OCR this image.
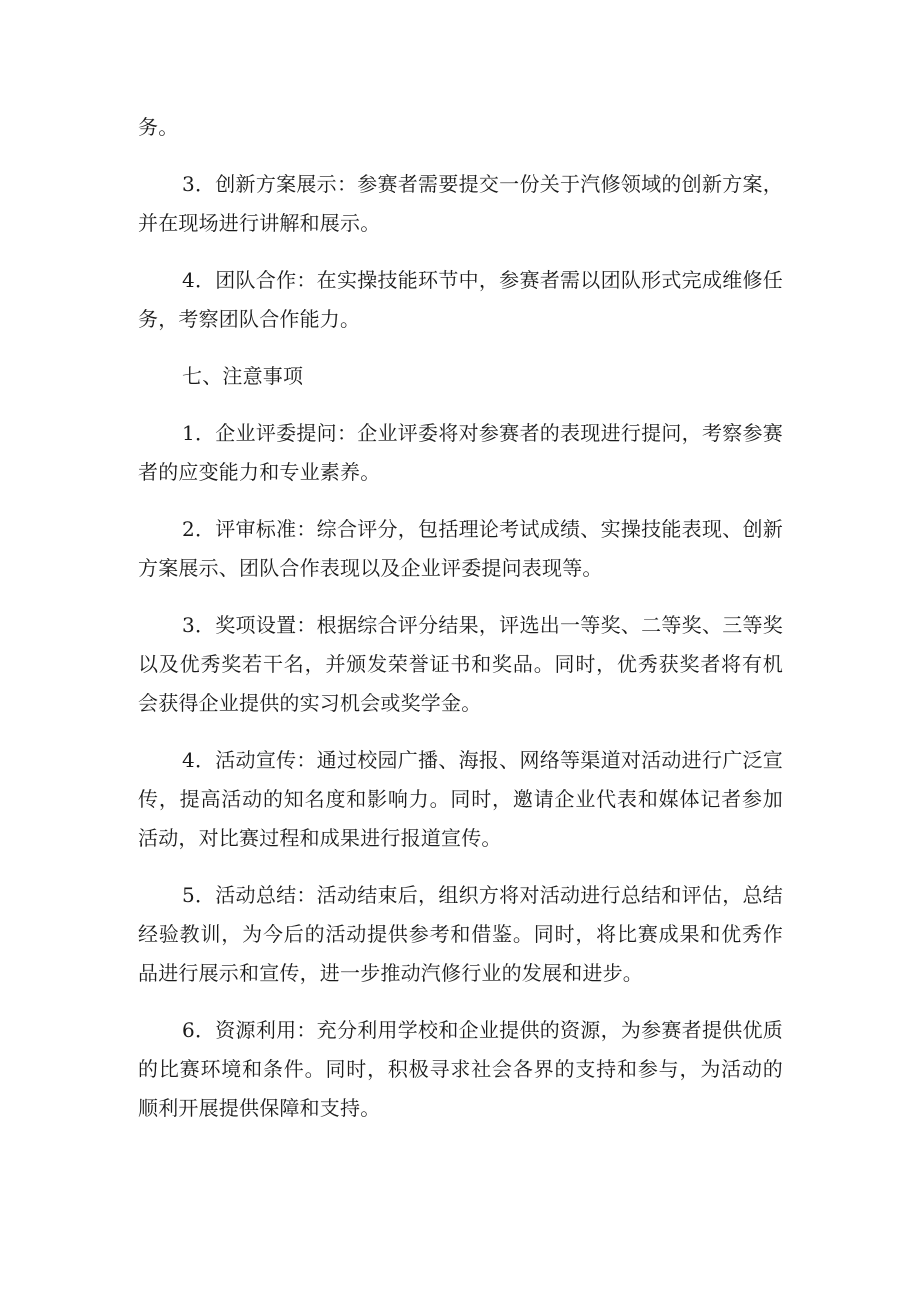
务。

3．创新方案展示：参赛者需要提交一份关于汽修领域的创新方案，并在现场进行讲解和展示。

4．团队合作：在实操技能环节中，参赛者需以团队形式完成维修任务，考察团队合作能力。

七、注意事项

1．企业评委提问：企业评委将对参赛者的表现进行提问，考察参赛者的应变能力和专业素养。

2．评审标准：综合评分，包括理论考试成绩、实操技能表现、创新方案展示、团队合作表现以及企业评委提问表现等。

3．奖项设置：根据综合评分结果，评选出一等奖、二等奖、三等奖以及优秀奖若干名，并颁发荣誉证书和奖品。同时，优秀获奖者将有机会获得企业提供的实习机会或奖学金。

4．活动宣传：通过校园广播、海报、网络等渠道对活动进行广泛宣传，提高活动的知名度和影响力。同时，邀请企业代表和媒体记者参加活动，对比赛过程和成果进行报道宣传。

5．活动总结：活动结束后，组织方将对活动进行总结和评估，总结经验教训，为今后的活动提供参考和借鉴。同时，将比赛成果和优秀作品进行展示和宣传，进一步推动汽修行业的发展和进步。

6．资源利用：充分利用学校和企业提供的资源，为参赛者提供优质的比赛环境和条件。同时，积极寻求社会各界的支持和参与，为活动的顺利开展提供保障和支持。
